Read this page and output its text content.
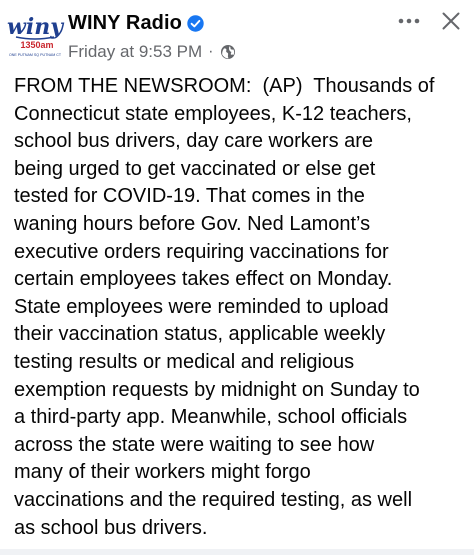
winy
1350am
ONE PUTNAM SQ PUTNAM CT
WINY Radio
Friday at 9:53 PM ·
FROM THE NEWSROOM:  (AP)  Thousands of
Connecticut state employees, K-12 teachers,
school bus drivers, day care workers are
being urged to get vaccinated or else get
tested for COVID-19. That comes in the
waning hours before Gov. Ned Lamont’s
executive orders requiring vaccinations for
certain employees takes effect on Monday.
State employees were reminded to upload
their vaccination status, applicable weekly
testing results or medical and religious
exemption requests by midnight on Sunday to
a third-party app. Meanwhile, school officials
across the state were waiting to see how
many of their workers might forgo
vaccinations and the required testing, as well
as school bus drivers.
